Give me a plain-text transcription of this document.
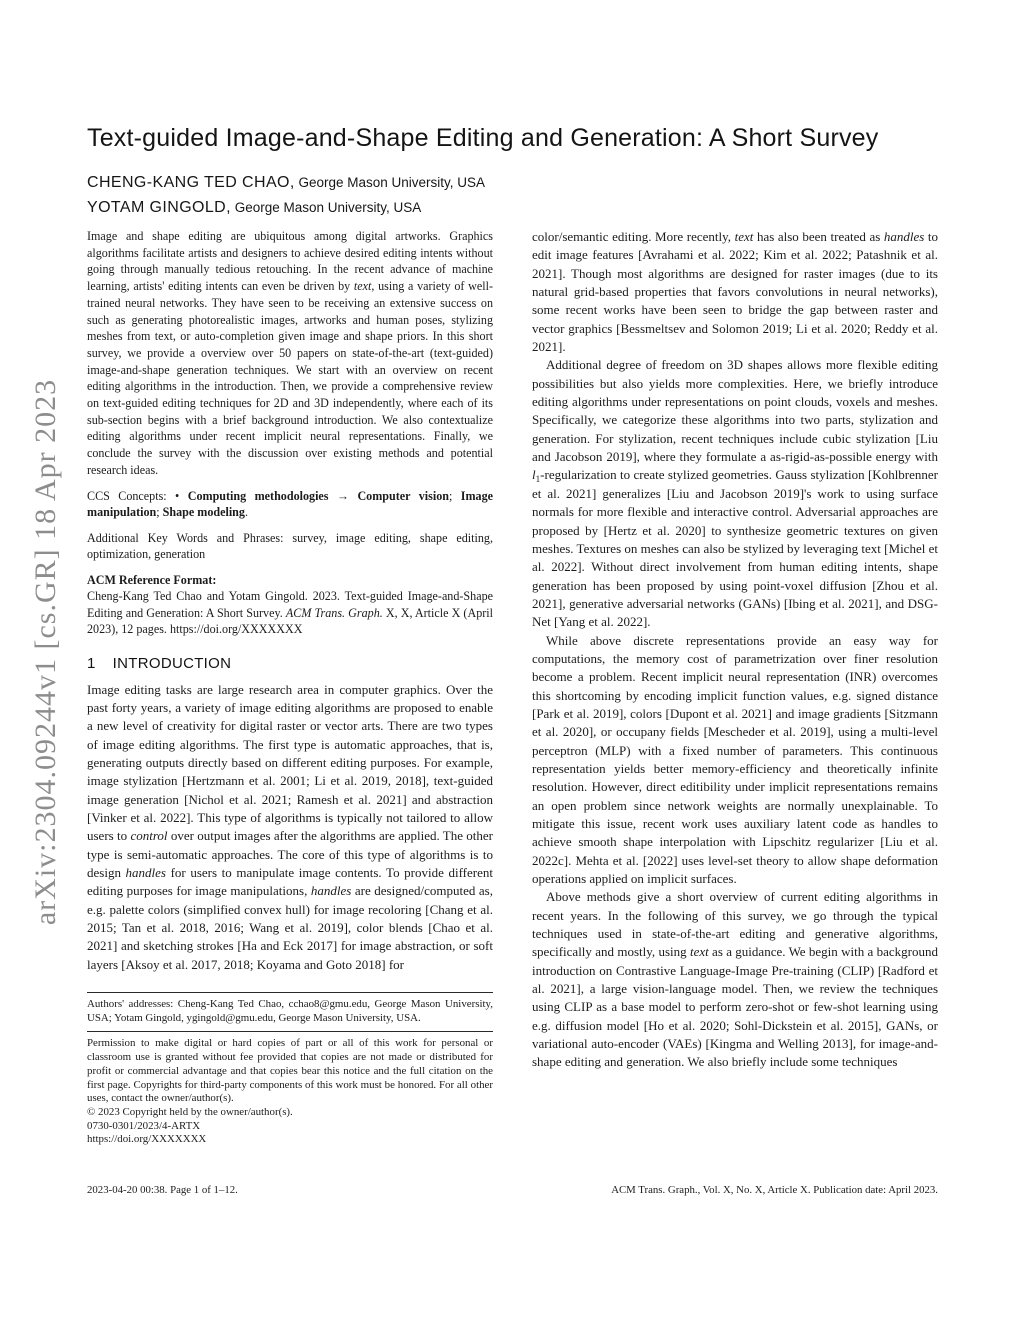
arXiv:2304.09244v1 [cs.GR] 18 Apr 2023
Text-guided Image-and-Shape Editing and Generation: A Short Survey
CHENG-KANG TED CHAO, George Mason University, USA
YOTAM GINGOLD, George Mason University, USA
Image and shape editing are ubiquitous among digital artworks. Graphics algorithms facilitate artists and designers to achieve desired editing intents without going through manually tedious retouching. In the recent advance of machine learning, artists' editing intents can even be driven by text, using a variety of well-trained neural networks. They have seen to be receiving an extensive success on such as generating photorealistic images, artworks and human poses, stylizing meshes from text, or auto-completion given image and shape priors. In this short survey, we provide a overview over 50 papers on state-of-the-art (text-guided) image-and-shape generation techniques. We start with an overview on recent editing algorithms in the introduction. Then, we provide a comprehensive review on text-guided editing techniques for 2D and 3D independently, where each of its sub-section begins with a brief background introduction. We also contextualize editing algorithms under recent implicit neural representations. Finally, we conclude the survey with the discussion over existing methods and potential research ideas.
CCS Concepts: • Computing methodologies → Computer vision; Image manipulation; Shape modeling.
Additional Key Words and Phrases: survey, image editing, shape editing, optimization, generation
ACM Reference Format:
Cheng-Kang Ted Chao and Yotam Gingold. 2023. Text-guided Image-and-Shape Editing and Generation: A Short Survey. ACM Trans. Graph. X, X, Article X (April 2023), 12 pages. https://doi.org/XXXXXXX
1 INTRODUCTION

Image editing tasks are large research area in computer graphics. Over the past forty years, a variety of image editing algorithms are proposed to enable a new level of creativity for digital raster or vector arts. There are two types of image editing algorithms. The first type is automatic approaches, that is, generating outputs directly based on different editing purposes. For example, image stylization [Hertzmann et al. 2001; Li et al. 2019, 2018], text-guided image generation [Nichol et al. 2021; Ramesh et al. 2021] and abstraction [Vinker et al. 2022]. This type of algorithms is typically not tailored to allow users to control over output images after the algorithms are applied. The other type is semi-automatic approaches. The core of this type of algorithms is to design handles for users to manipulate image contents. To provide different editing purposes for image manipulations, handles are designed/computed as, e.g. palette colors (simplified convex hull) for image recoloring [Chang et al. 2015; Tan et al. 2018, 2016; Wang et al. 2019], color blends [Chao et al. 2021] and sketching strokes [Ha and Eck 2017] for image abstraction, or soft layers [Aksoy et al. 2017, 2018; Koyama and Goto 2018] for

color/semantic editing. More recently, text has also been treated as handles to edit image features [Avrahami et al. 2022; Kim et al. 2022; Patashnik et al. 2021]. Though most algorithms are designed for raster images (due to its natural grid-based properties that favors convolutions in neural networks), some recent works have been seen to bridge the gap between raster and vector graphics [Bessmeltsev and Solomon 2019; Li et al. 2020; Reddy et al. 2021].

Additional degree of freedom on 3D shapes allows more flexible editing possibilities but also yields more complexities. Here, we briefly introduce editing algorithms under representations on point clouds, voxels and meshes. Specifically, we categorize these algorithms into two parts, stylization and generation. For stylization, recent techniques include cubic stylization [Liu and Jacobson 2019], where they formulate a as-rigid-as-possible energy with $l_1$-regularization to create stylized geometries. Gauss stylization [Kohlbrenner et al. 2021] generalizes [Liu and Jacobson 2019]'s work to using surface normals for more flexible and interactive control. Adversarial approaches are proposed by [Hertz et al. 2020] to synthesize geometric textures on given meshes. Textures on meshes can also be stylized by leveraging text [Michel et al. 2022]. Without direct involvement from human editing intents, shape generation has been proposed by using point-voxel diffusion [Zhou et al. 2021], generative adversarial networks (GANs) [Ibing et al. 2021], and DSG-Net [Yang et al. 2022].

While above discrete representations provide an easy way for computations, the memory cost of parametrization over finer resolution become a problem. Recent implicit neural representation (INR) overcomes this shortcoming by encoding implicit function values, e.g. signed distance [Park et al. 2019], colors [Dupont et al. 2021] and image gradients [Sitzmann et al. 2020], or occupany fields [Mescheder et al. 2019], using a multi-level perceptron (MLP) with a fixed number of parameters. This continuous representation yields better memory-efficiency and theoretically infinite resolution. However, direct editibility under implicit representations remains an open problem since network weights are normally unexplainable. To mitigate this issue, recent work uses auxiliary latent code as handles to achieve smooth shape interpolation with Lipschitz regularizer [Liu et al. 2022c]. Mehta et al. [2022] uses level-set theory to allow shape deformation operations applied on implicit surfaces.

Above methods give a short overview of current editing algorithms in recent years. In the following of this survey, we go through the typical techniques used in state-of-the-art editing and generative algorithms, specifically and mostly, using text as a guidance. We begin with a background introduction on Contrastive Language-Image Pre-training (CLIP) [Radford et al. 2021], a large vision-language model. Then, we review the techniques using CLIP as a base model to perform zero-shot or few-shot learning using e.g. diffusion model [Ho et al. 2020; Sohl-Dickstein et al. 2015], GANs, or variational auto-encoder (VAEs) [Kingma and Welling 2013], for image-and-shape editing and generation. We also briefly include some techniques

Authors' addresses: Cheng-Kang Ted Chao, cchao8@gmu.edu, George Mason University, USA; Yotam Gingold, ygingold@gmu.edu, George Mason University, USA.

Permission to make digital or hard copies of part or all of this work for personal or classroom use is granted without fee provided that copies are not made or distributed for profit or commercial advantage and that copies bear this notice and the full citation on the first page. Copyrights for third-party components of this work must be honored. For all other uses, contact the owner/author(s).

© 2023 Copyright held by the owner/author(s).

0730-0301/2023/4-ARTX

https://doi.org/XXXXXXX

2023-04-20 00:38. Page 1 of 1–12.	ACM Trans. Graph., Vol. X, No. X, Article X. Publication date: April 2023.
